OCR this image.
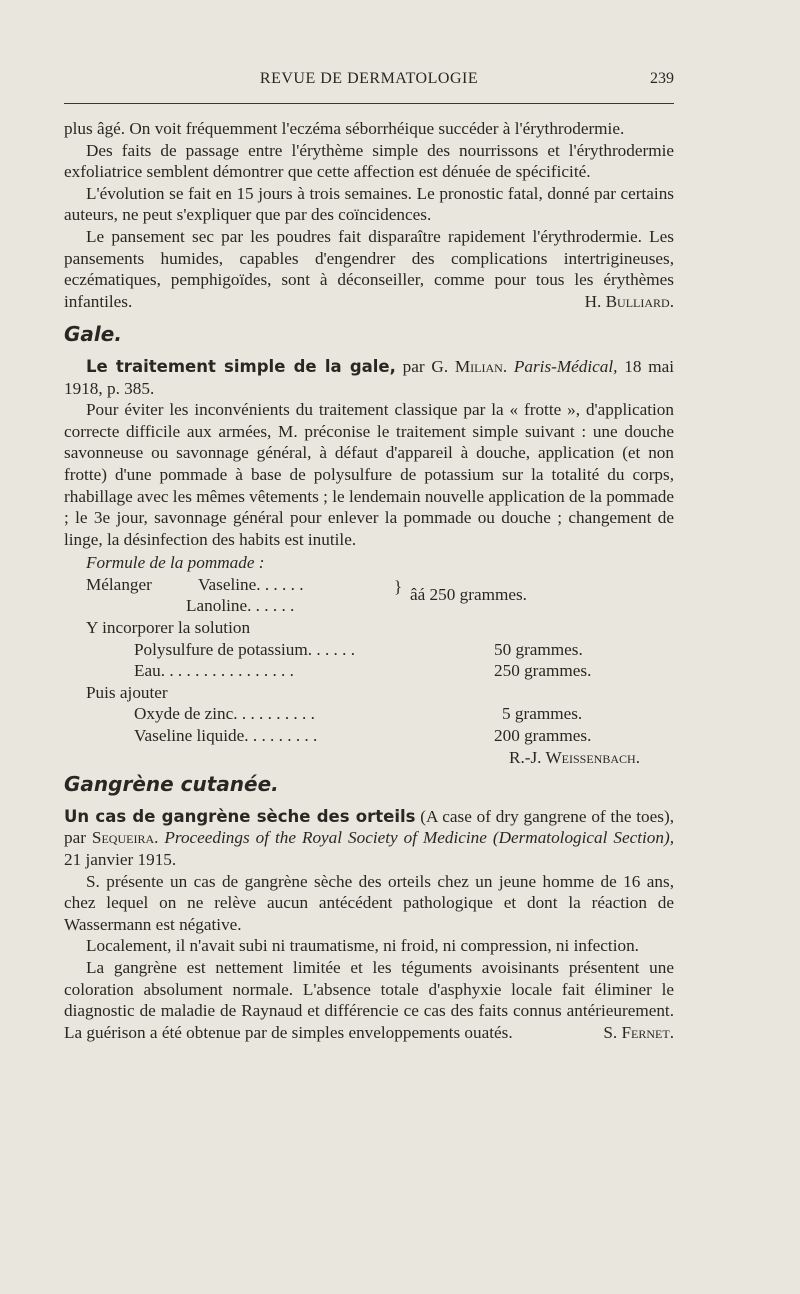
REVUE DE DERMATOLOGIE	239

plus âgé. On voit fréquemment l'eczéma séborrhéique succéder à l'érythrodermie.

Des faits de passage entre l'érythème simple des nourrissons et l'érythrodermie exfoliatrice semblent démontrer que cette affection est dénuée de spécificité.

L'évolution se fait en 15 jours à trois semaines. Le pronostic fatal, donné par certains auteurs, ne peut s'expliquer que par des coïncidences.

Le pansement sec par les poudres fait disparaître rapidement l'érythrodermie. Les pansements humides, capables d'engendrer des complications intertrigineuses, eczématiques, pemphigoïdes, sont à déconseiller, comme pour tous les érythèmes infantiles.	H. Bulliard.

Gale.

Le traitement simple de la gale, par G. Milian. Paris-Médical, 18 mai 1918, p. 385.

Pour éviter les inconvénients du traitement classique par la « frotte », d'application correcte difficile aux armées, M. préconise le traitement simple suivant : une douche savonneuse ou savonnage général, à défaut d'appareil à douche, application (et non frotte) d'une pommade à base de polysulfure de potassium sur la totalité du corps, rhabillage avec les mêmes vêtements ; le lendemain nouvelle application de la pommade ; le 3e jour, savonnage général pour enlever la pommade ou douche ; changement de linge, la désinfection des habits est inutile.

Formule de la pommade :

Mélanger	Vaseline. . . . . .	} âá 250 grammes.
Lanoline. . . . . .
Y incorporer la solution
Polysulfure de potassium. . . . . .	50 grammes.
Eau. . . . . . . . . . . . . . . .	250 grammes.
Puis ajouter
Oxyde de zinc. . . . . . . . . .	5 grammes.
Vaseline liquide. . . . . . . . .	200 grammes.
R.-J. Weissenbach.
Gangrène cutanée.

Un cas de gangrène sèche des orteils (A case of dry gangrene of the toes), par Sequeira. Proceedings of the Royal Society of Medicine (Dermatological Section), 21 janvier 1915.

S. présente un cas de gangrène sèche des orteils chez un jeune homme de 16 ans, chez lequel on ne relève aucun antécédent pathologique et dont la réaction de Wassermann est négative.

Localement, il n'avait subi ni traumatisme, ni froid, ni compression, ni infection.

La gangrène est nettement limitée et les téguments avoisinants présentent une coloration absolument normale. L'absence totale d'asphyxie locale fait éliminer le diagnostic de maladie de Raynaud et différencie ce cas des faits connus antérieurement. La guérison a été obtenue par de simples enveloppements ouatés.	S. Fernet.
